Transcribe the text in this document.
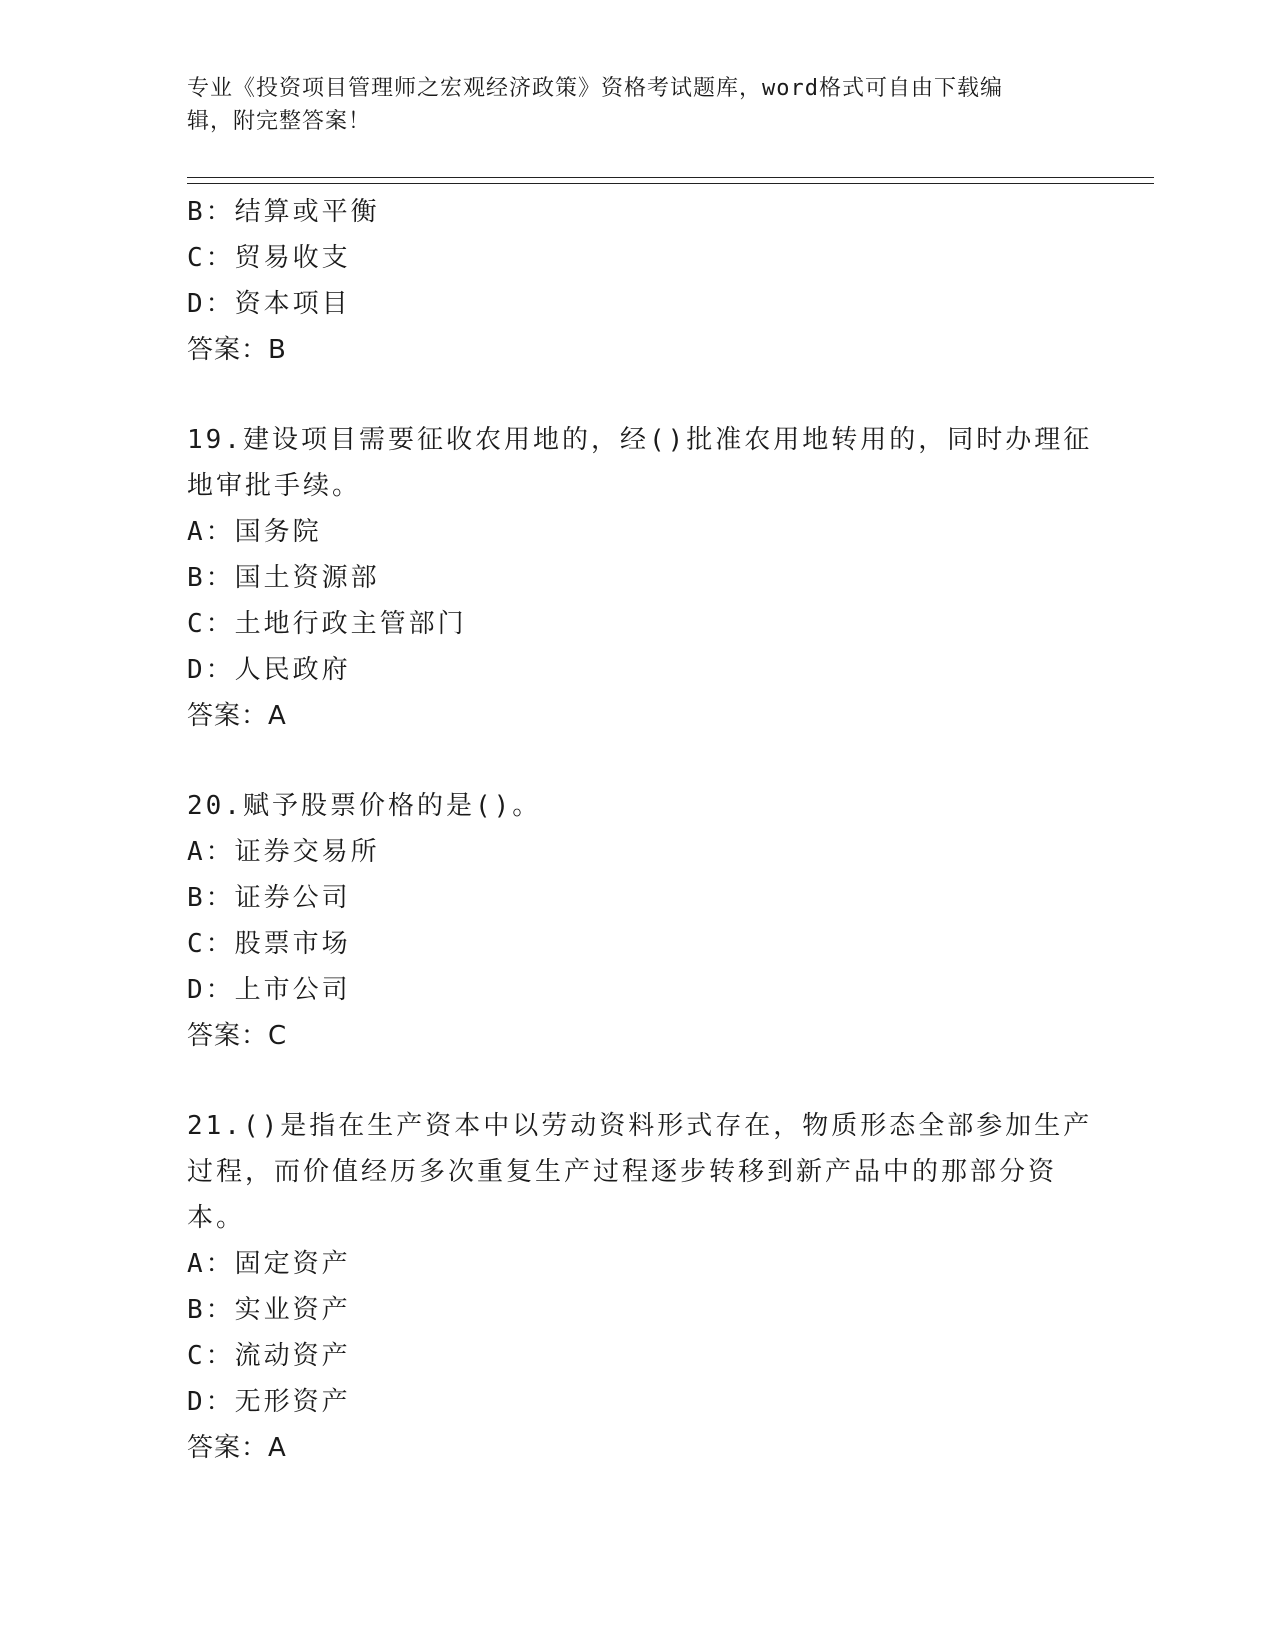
专业《投资项目管理师之宏观经济政策》资格考试题库，word格式可自由下载编
辑，附完整答案！
B：结算或平衡
C：贸易收支
D：资本项目
答案：B
19.建设项目需要征收农用地的，经()批准农用地转用的，同时办理征
地审批手续。
A：国务院
B：国土资源部
C：土地行政主管部门
D：人民政府
答案：A
20.赋予股票价格的是()。
A：证券交易所
B：证券公司
C：股票市场
D：上市公司
答案：C
21.()是指在生产资本中以劳动资料形式存在，物质形态全部参加生产
过程，而价值经历多次重复生产过程逐步转移到新产品中的那部分资
本。
A：固定资产
B：实业资产
C：流动资产
D：无形资产
答案：A
